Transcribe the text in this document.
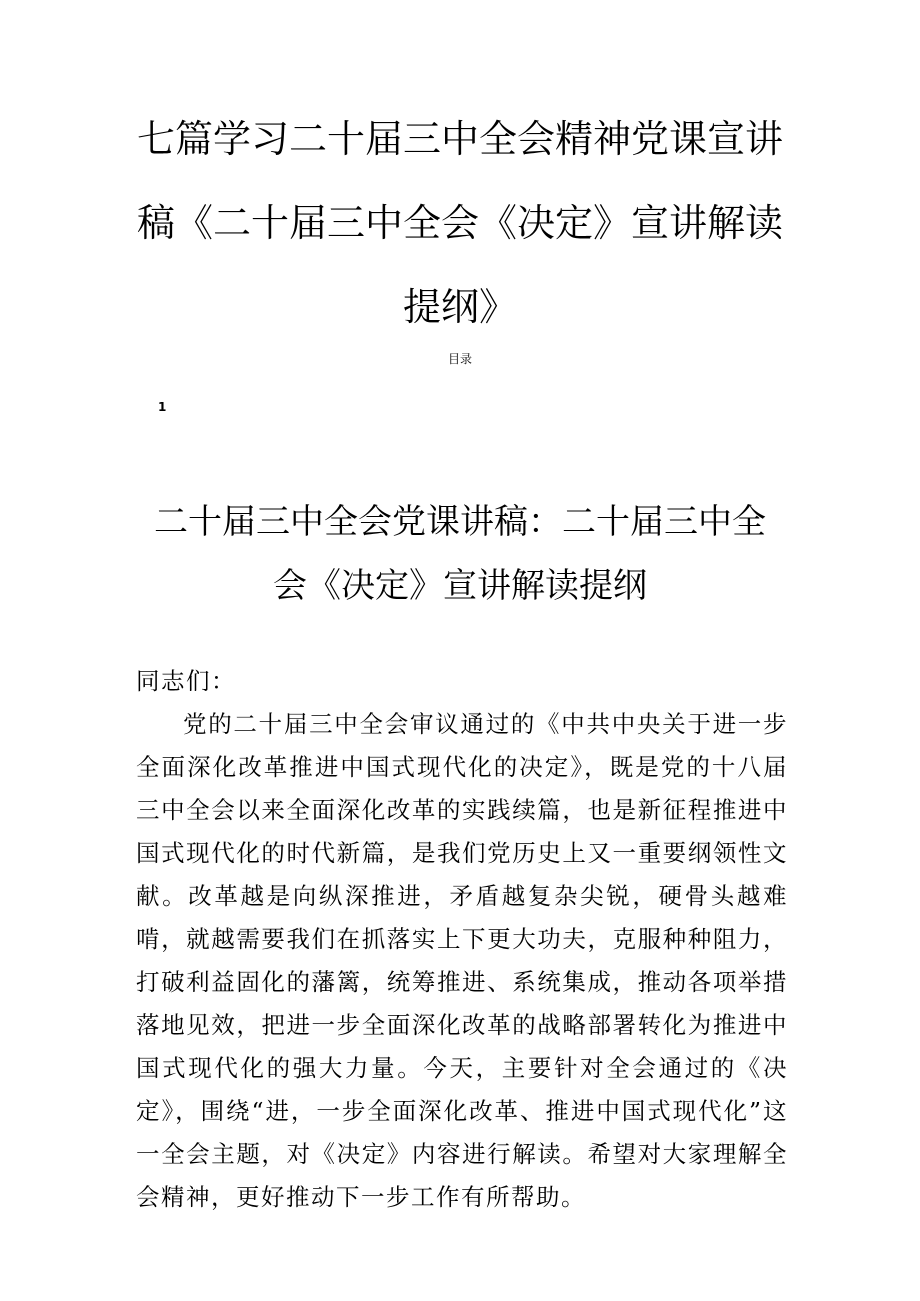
七篇学习二十届三中全会精神党课宣讲稿《二十届三中全会《决定》宣讲解读提纲》
目录
1
二十届三中全会党课讲稿：二十届三中全会《决定》宣讲解读提纲

同志们：

党的二十届三中全会审议通过的《中共中央关于进一步全面深化改革推进中国式现代化的决定》，既是党的十八届三中全会以来全面深化改革的实践续篇，也是新征程推进中国式现代化的时代新篇，是我们党历史上又一重要纲领性文献。改革越是向纵深推进，矛盾越复杂尖锐，硬骨头越难啃，就越需要我们在抓落实上下更大功夫，克服种种阻力，打破利益固化的藩篱，统筹推进、系统集成，推动各项举措落地见效，把进一步全面深化改革的战略部署转化为推进中国式现代化的强大力量。今天，主要针对全会通过的《决定》，围绕“进，一步全面深化改革、推进中国式现代化”这一全会主题，对《决定》内容进行解读。希望对大家理解全会精神，更好推动下一步工作有所帮助。
